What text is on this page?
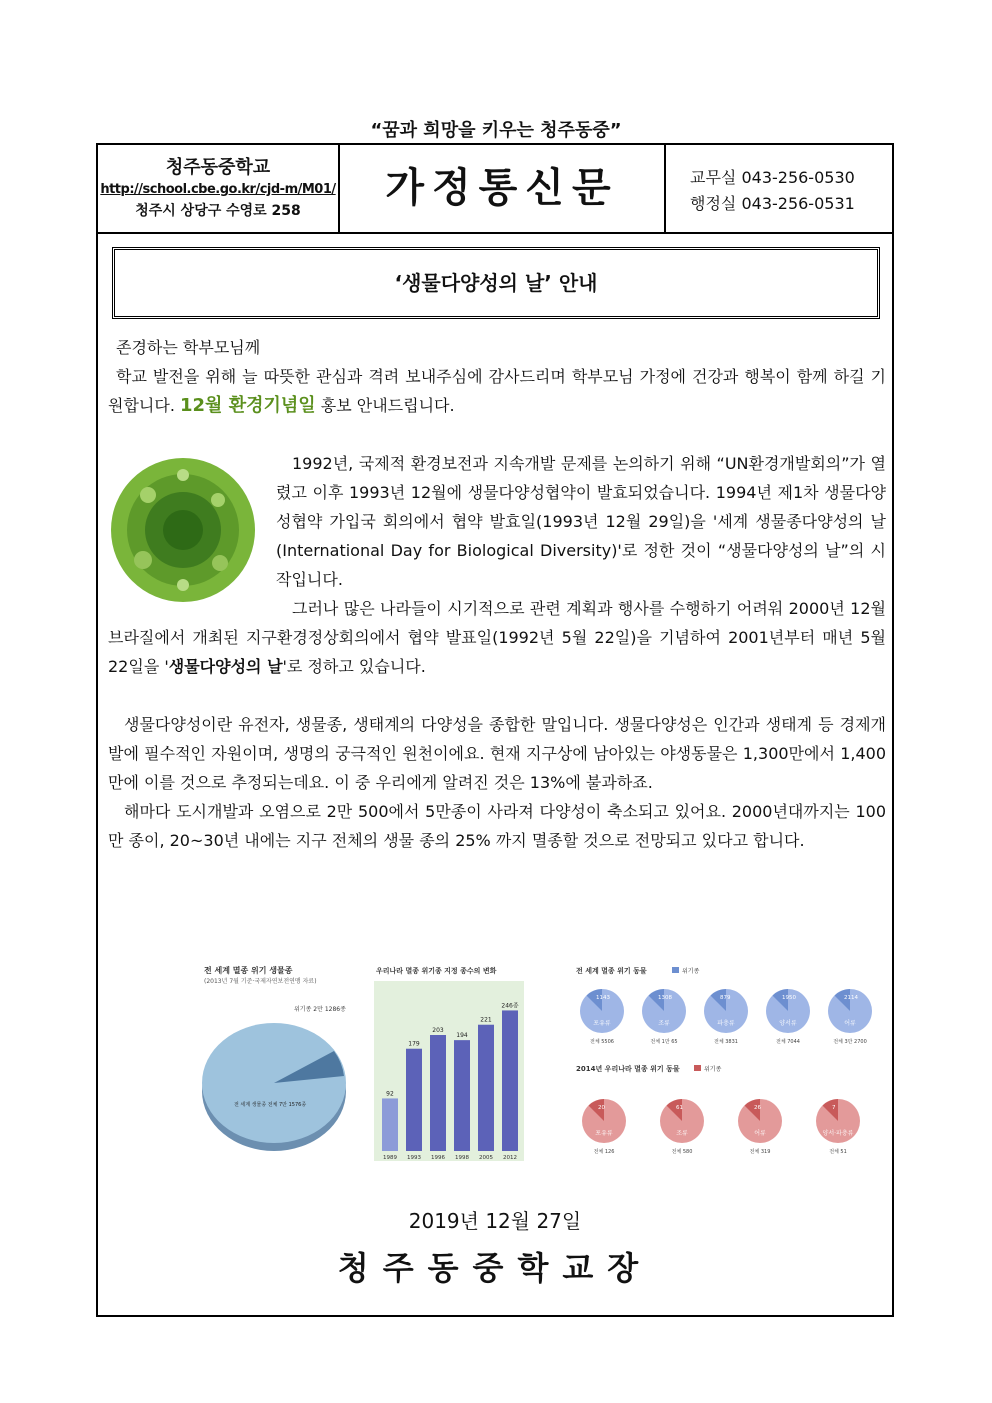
“꿈과 희망을 키우는 청주동중”
청주동중학교
http://school.cbe.go.kr/cjd-m/M01/
청주시 상당구 수영로 258	가정통신문	교무실 043-256-0530
행정실 043-256-0531
‘생물다양성의 날’ 안내

존경하는 학부모님께

학교 발전을 위해 늘 따뜻한 관심과 격려 보내주심에 감사드리며 학부모님 가정에 건강과 행복이 함께 하길 기원합니다. 12월 환경기념일 홍보 안내드립니다.

1992년, 국제적 환경보전과 지속개발 문제를 논의하기 위해 “UN환경개발회의”가 열렸고 이후 1993년 12월에 생물다양성협약이 발효되었습니다. 1994년 제1차 생물다양성협약 가입국 회의에서 협약 발효일(1993년 12월 29일)을 '세계 생물종다양성의 날(International Day for Biological Diversity)'로 정한 것이 “생물다양성의 날”의 시작입니다.

그러나 많은 나라들이 시기적으로 관련 계획과 행사를 수행하기 어려워 2000년 12월 브라질에서 개최된 지구환경정상회의에서 협약 발표일(1992년 5월 22일)을 기념하여 2001년부터 매년 5월 22일을 '생물다양성의 날'로 정하고 있습니다.

생물다양성이란 유전자, 생물종, 생태계의 다양성을 종합한 말입니다. 생물다양성은 인간과 생태계 등 경제개발에 필수적인 자원이며, 생명의 궁극적인 원천이에요. 현재 지구상에 남아있는 야생동물은 1,300만에서 1,400만에 이를 것으로 추정되는데요. 이 중 우리에게 알려진 것은 13%에 불과하죠.

해마다 도시개발과 오염으로 2만 500에서 5만종이 사라져 다양성이 축소되고 있어요. 2000년대까지는 100만 종이, 20~30년 내에는 지구 전체의 생물 종의 25% 까지 멸종할 것으로 전망되고 있다고 합니다.

전 세계 멸종 위기 생물종
(2013년 7월 기준·국제자연보전연맹 자료)
위기종 2만 1286종
전 세계 생물종 전체 7만 1576종
우리나라 멸종 위기종 지정 종수의 변화
92
1989
179
1993
203
1996
194
1998
221
2005
246종
2012
전 세계 멸종 위기 동물	위기종
1143
포유류
전체 5506
1308
조류
전체 1만 65
879
파충류
전체 3831
1950
양서류
전체 7044
2114
어류
전체 3만 2700
2014년 우리나라 멸종 위기 동물	위기종
20
포유류
전체 126
61
조류
전체 580
26
어류
전체 319
7
양서·파충류
전체 51
2019년 12월 27일
청주동중학교장
